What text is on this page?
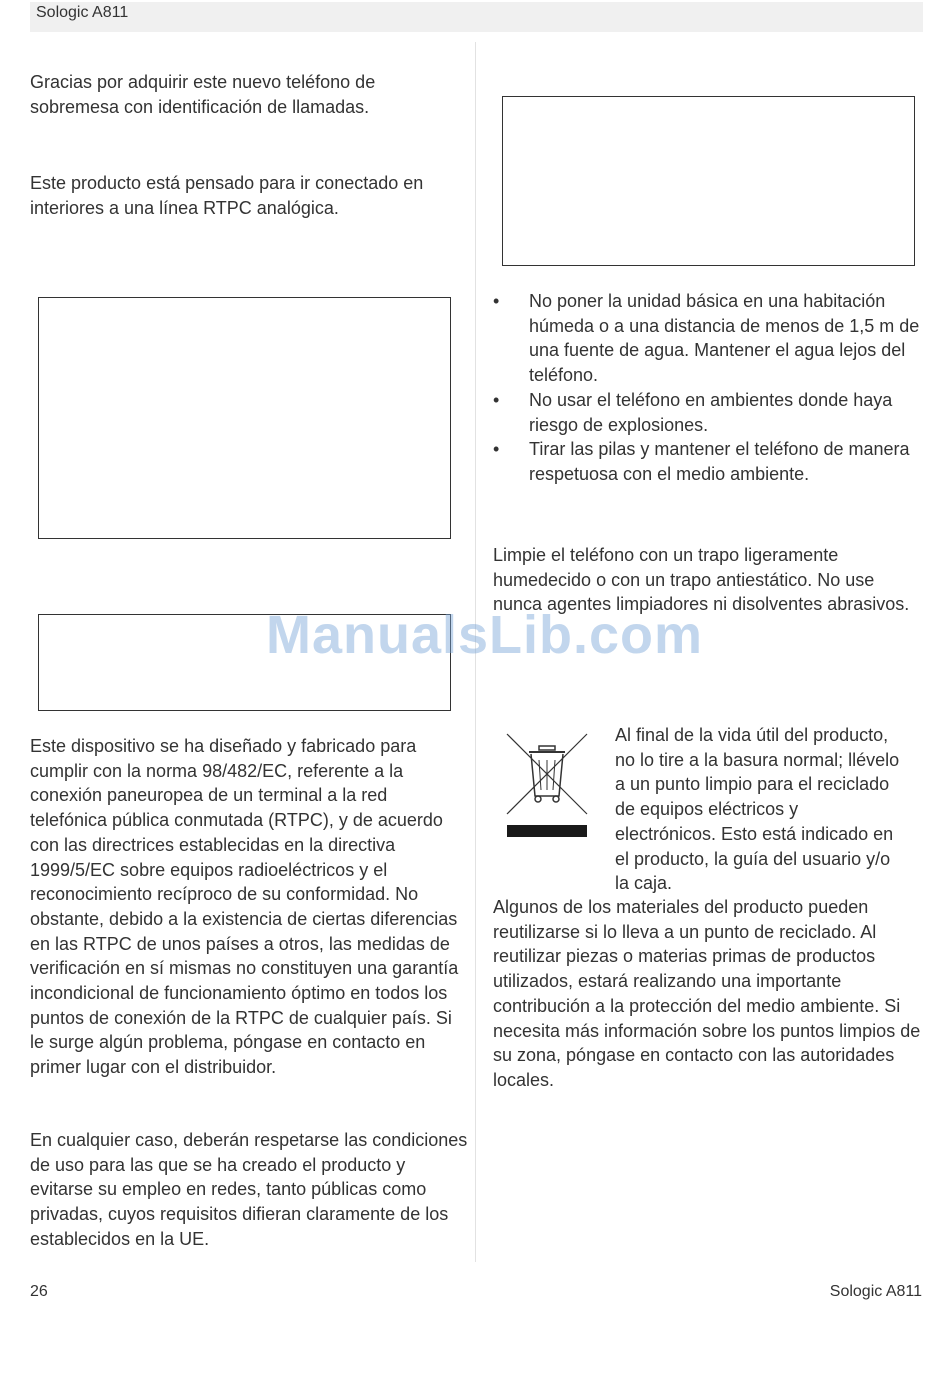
Sologic A811

Gracias por adquirir este nuevo teléfono de sobremesa con identificación de llamadas.

Este producto está pensado para ir conectado en interiores a una línea RTPC analógica.

Este dispositivo se ha diseñado y fabricado para cumplir con la norma 98/482/EC, referente a la conexión paneuropea de un terminal a la red telefónica pública conmutada (RTPC), y de acuerdo con las directrices establecidas en la directiva 1999/5/EC sobre equipos radioeléctricos y el reconocimiento recíproco de su conformidad. No obstante, debido a la existencia de ciertas diferencias en las RTPC de unos países a otros, las medidas de verificación en sí mismas no constituyen una garantía incondicional de funcionamiento óptimo en todos los puntos de conexión de la RTPC de cualquier país. Si le surge algún problema, póngase en contacto en primer lugar con el distribuidor.

En cualquier caso, deberán respetarse las condiciones de uso para las que se ha creado el producto y evitarse su empleo en redes, tanto públicas como privadas, cuyos requisitos difieran claramente de los establecidos en la UE.

• No poner la unidad básica en una habitación húmeda o a una distancia de menos de 1,5 m de una fuente de agua. Mantener el agua lejos del teléfono.
• No usar el teléfono en ambientes donde haya riesgo de explosiones.
• Tirar las pilas y mantener el teléfono de manera respetuosa con el medio ambiente.

Limpie el teléfono con un trapo ligeramente humedecido o con un trapo antiestático. No use nunca agentes limpiadores ni disolventes abrasivos.

Al final de la vida útil del producto,
no lo tire a la basura normal; llévelo
a un punto limpio para el reciclado
de equipos eléctricos y
electrónicos. Esto está indicado en
el producto, la guía del usuario y/o
la caja.

Algunos de los materiales del producto pueden reutilizarse si lo lleva a un punto de reciclado. Al reutilizar piezas o materias primas de productos utilizados, estará realizando una importante contribución a la protección del medio ambiente. Si necesita más información sobre los puntos limpios de su zona, póngase en contacto con las autoridades locales.

ManualsLib.com
26	Sologic A811
